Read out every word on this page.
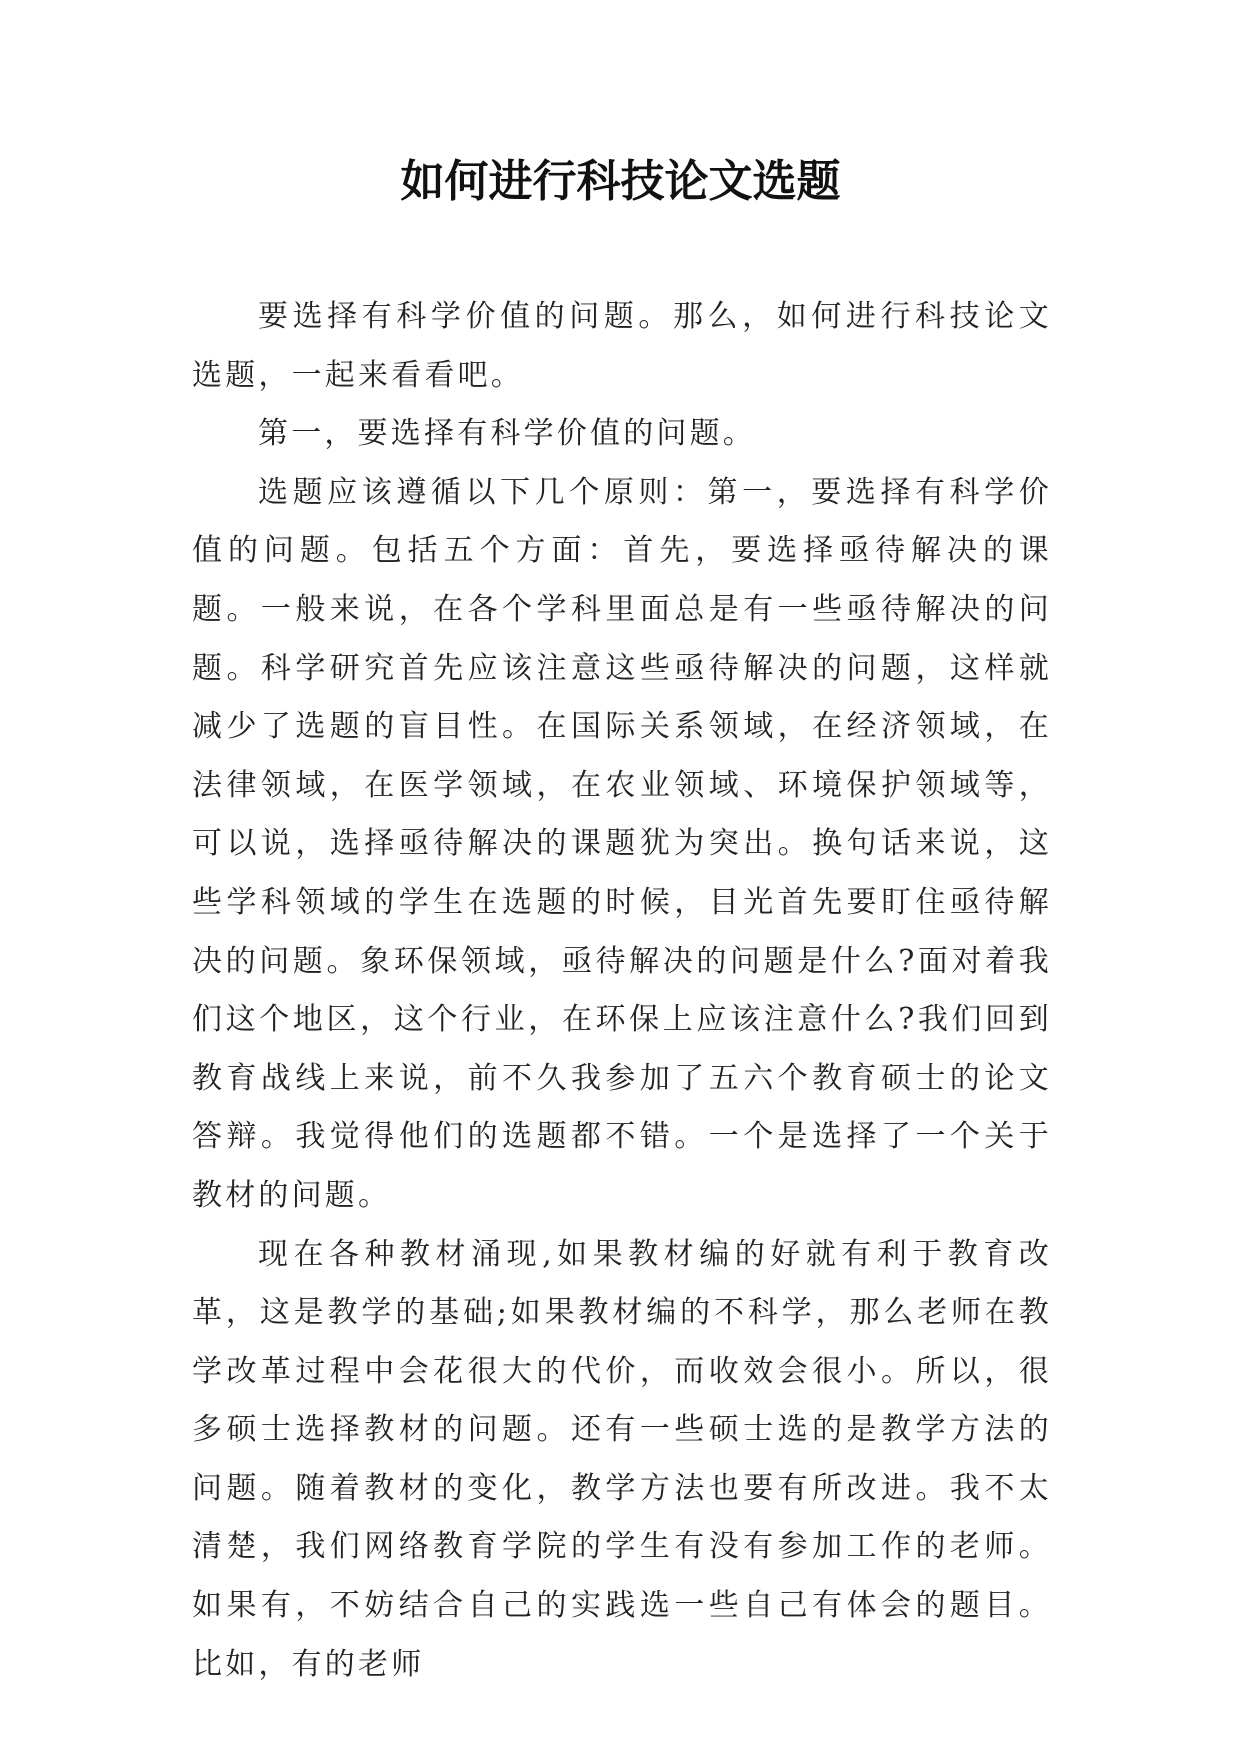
如何进行科技论文选题

要选择有科学价值的问题。那么，如何进行科技论文选题，一起来看看吧。

第一，要选择有科学价值的问题。

选题应该遵循以下几个原则：第一，要选择有科学价值的问题。包括五个方面：首先，要选择亟待解决的课题。一般来说，在各个学科里面总是有一些亟待解决的问题。科学研究首先应该注意这些亟待解决的问题，这样就减少了选题的盲目性。在国际关系领域，在经济领域，在法律领域，在医学领域，在农业领域、环境保护领域等，可以说，选择亟待解决的课题犹为突出。换句话来说，这些学科领域的学生在选题的时候，目光首先要盯住亟待解决的问题。象环保领域，亟待解决的问题是什么?面对着我们这个地区，这个行业，在环保上应该注意什么?我们回到教育战线上来说，前不久我参加了五六个教育硕士的论文答辩。我觉得他们的选题都不错。一个是选择了一个关于教材的问题。

现在各种教材涌现,如果教材编的好就有利于教育改革，这是教学的基础;如果教材编的不科学，那么老师在教学改革过程中会花很大的代价，而收效会很小。所以，很多硕士选择教材的问题。还有一些硕士选的是教学方法的问题。随着教材的变化，教学方法也要有所改进。我不太清楚，我们网络教育学院的学生有没有参加工作的老师。如果有，不妨结合自己的实践选一些自己有体会的题目。比如，有的老师
